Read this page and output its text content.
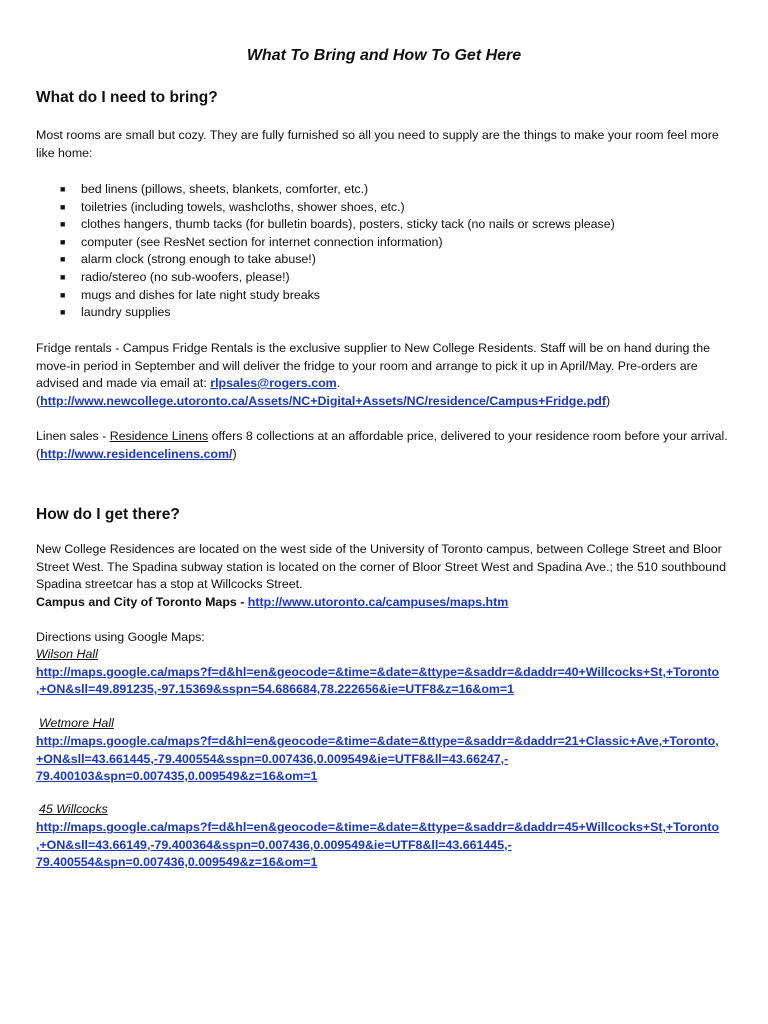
What To Bring and How To Get Here
What do I need to bring?

Most rooms are small but cozy. They are fully furnished so all you need to supply are the things to make your room feel more like home:

■ bed linens (pillows, sheets, blankets, comforter, etc.)
■ toiletries (including towels, washcloths, shower shoes, etc.)
■ clothes hangers, thumb tacks (for bulletin boards), posters, sticky tack (no nails or screws please)
■ computer (see ResNet section for internet connection information)
■ alarm clock (strong enough to take abuse!)
■ radio/stereo (no sub-woofers, please!)
■ mugs and dishes for late night study breaks
■ laundry supplies

Fridge rentals - Campus Fridge Rentals is the exclusive supplier to New College Residents. Staff will be on hand during the move-in period in September and will deliver the fridge to your room and arrange to pick it up in April/May. Pre-orders are advised and made via email at: rlpsales@rogers.com.
(http://www.newcollege.utoronto.ca/Assets/NC+Digital+Assets/NC/residence/Campus+Fridge.pdf)

Linen sales - Residence Linens offers 8 collections at an affordable price, delivered to your residence room before your arrival. (http://www.residencelinens.com/)

How do I get there?

New College Residences are located on the west side of the University of Toronto campus, between College Street and Bloor Street West. The Spadina subway station is located on the corner of Bloor Street West and Spadina Ave.; the 510 southbound Spadina streetcar has a stop at Willcocks Street.
Campus and City of Toronto Maps - http://www.utoronto.ca/campuses/maps.htm

Directions using Google Maps:

Wilson Hall
http://maps.google.ca/maps?f=d&hl=en&geocode=&time=&date=&ttype=&saddr=&daddr=40+Willcocks+St,+Toronto
,+ON&sll=49.891235,-97.15369&sspn=54.686684,78.222656&ie=UTF8&z=16&om=1
Wetmore Hall
http://maps.google.ca/maps?f=d&hl=en&geocode=&time=&date=&ttype=&saddr=&daddr=21+Classic+Ave,+Toronto,
+ON&sll=43.661445,-79.400554&sspn=0.007436,0.009549&ie=UTF8&ll=43.66247,-
79.400103&spn=0.007435,0.009549&z=16&om=1
45 Willcocks
http://maps.google.ca/maps?f=d&hl=en&geocode=&time=&date=&ttype=&saddr=&daddr=45+Willcocks+St,+Toronto
,+ON&sll=43.66149,-79.400364&sspn=0.007436,0.009549&ie=UTF8&ll=43.661445,-
79.400554&spn=0.007436,0.009549&z=16&om=1
